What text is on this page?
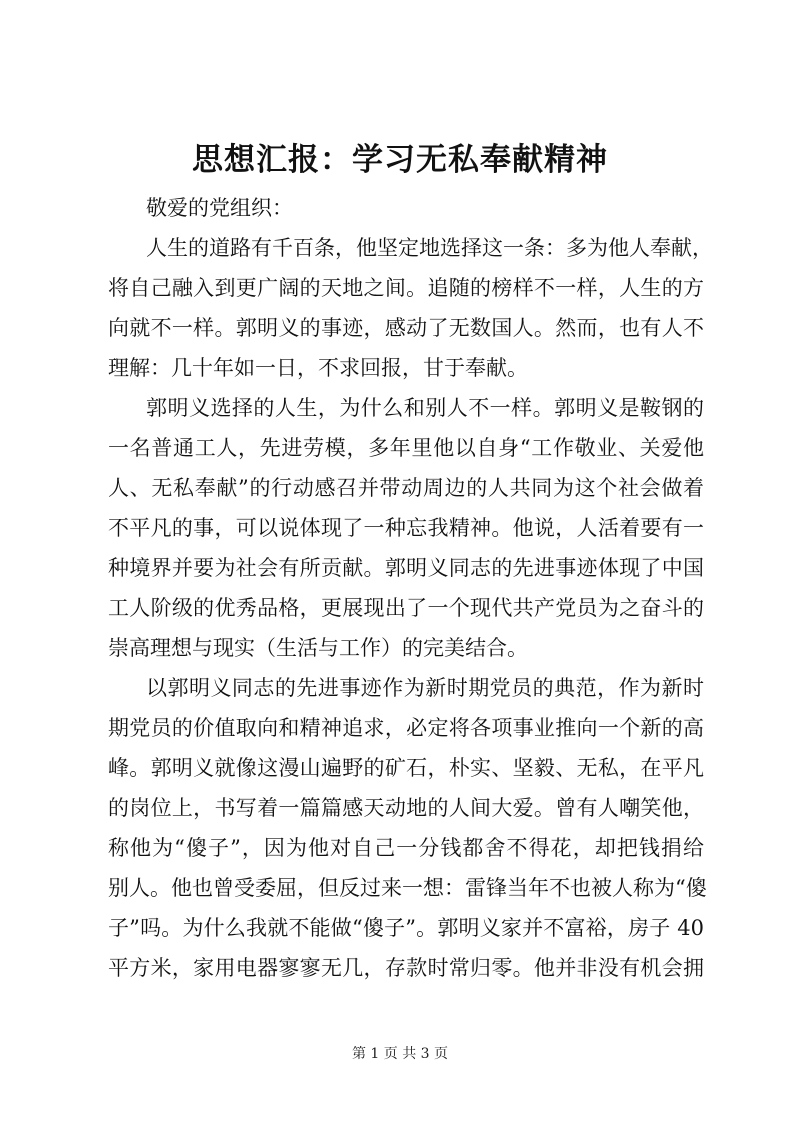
思想汇报：学习无私奉献精神
敬爱的党组织：
人生的道路有千百条，他坚定地选择这一条：多为他人奉献，
将自己融入到更广阔的天地之间。追随的榜样不一样，人生的方
向就不一样。郭明义的事迹，感动了无数国人。然而，也有人不
理解：几十年如一日，不求回报，甘于奉献。
郭明义选择的人生，为什么和别人不一样。郭明义是鞍钢的
一名普通工人，先进劳模，多年里他以自身“工作敬业、关爱他
人、无私奉献”的行动感召并带动周边的人共同为这个社会做着
不平凡的事，可以说体现了一种忘我精神。他说，人活着要有一
种境界并要为社会有所贡献。郭明义同志的先进事迹体现了中国
工人阶级的优秀品格，更展现出了一个现代共产党员为之奋斗的
崇高理想与现实（生活与工作）的完美结合。
以郭明义同志的先进事迹作为新时期党员的典范，作为新时
期党员的价值取向和精神追求，必定将各项事业推向一个新的高
峰。郭明义就像这漫山遍野的矿石，朴实、坚毅、无私，在平凡
的岗位上，书写着一篇篇感天动地的人间大爱。曾有人嘲笑他，
称他为“傻子”，因为他对自己一分钱都舍不得花，却把钱捐给
别人。他也曾受委屈，但反过来一想：雷锋当年不也被人称为“傻
子”吗。为什么我就不能做“傻子”。郭明义家并不富裕，房子 40
平方米，家用电器寥寥无几，存款时常归零。他并非没有机会拥
第 1 页 共 3 页
